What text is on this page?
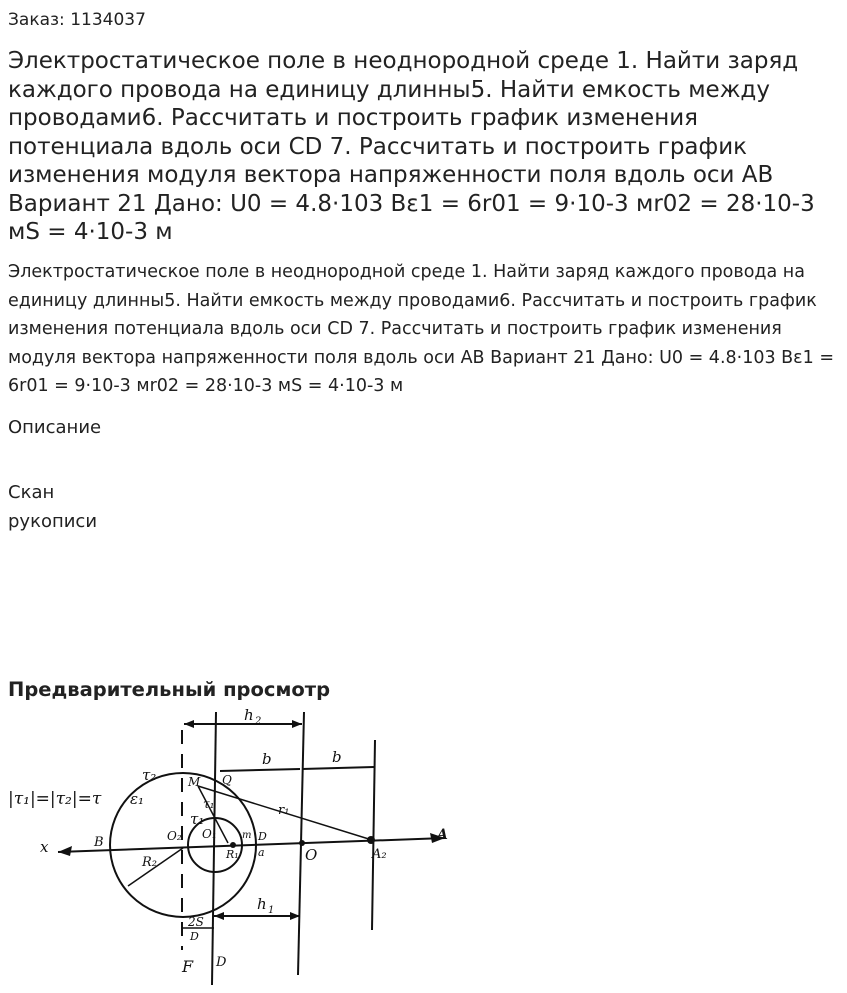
Заказ: 1134037
Электростатическое поле в неоднородной среде 1. Найти заряд каждого провода на единицу длинны5. Найти емкость между проводами6. Рассчитать и построить график изменения потенциала вдоль оси CD 7. Рассчитать и построить график изменения модуля вектора напряженности поля вдоль оси AB Вариант 21 Дано: U0 = 4.8·103 Bε1 = 6r01 = 9·10-3 мr02 = 28·10-3 мS = 4·10-3 м

Электростатическое поле в неоднородной среде 1. Найти заряд каждого провода на единицу длинны5. Найти емкость между проводами6. Рассчитать и построить график изменения потенциала вдоль оси CD 7. Рассчитать и построить график изменения модуля вектора напряженности поля вдоль оси AB Вариант 21 Дано: U0 = 4.8·103 Bε1 = 6r01 = 9·10-3 мr02 = 28·10-3 мS = 4·10-3 м

Описание
Скан рукописи
Предварительный просмотр
h 2
b	b
|τ₁|=|τ₂|=τ
τ₂
ε₁
M Q
τ₁
τ₁	r₁
x	B	O₂ O₁	m D
R₂
R₁ a	O	A₂
A
h 1
2S
D
F D
